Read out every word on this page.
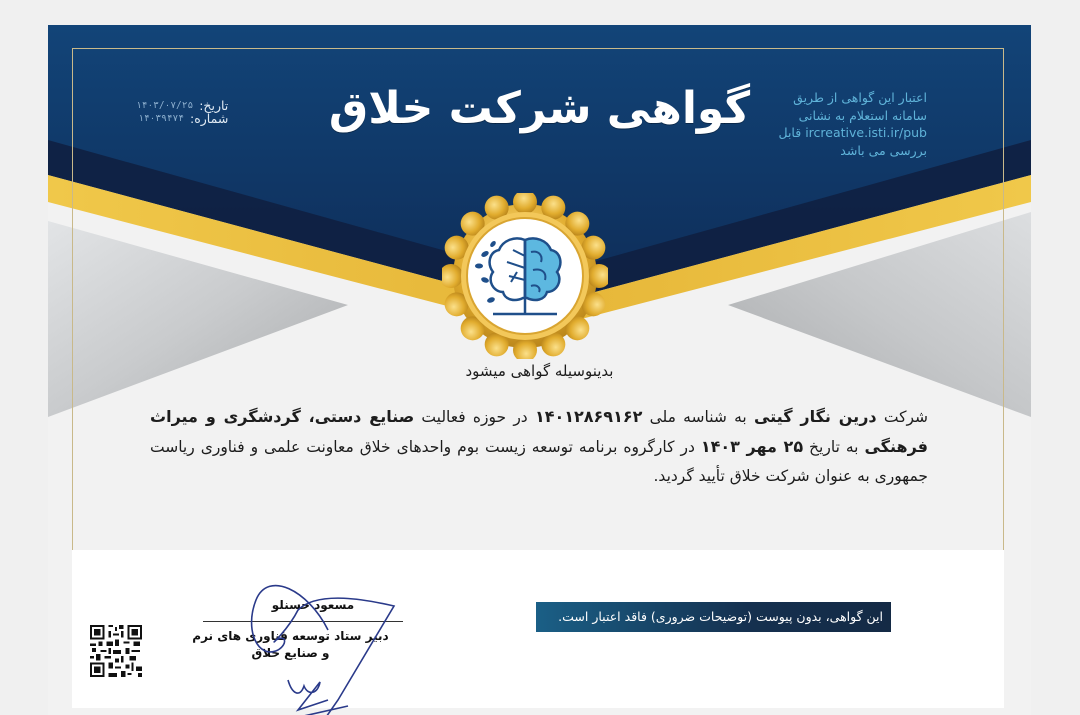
گواهی شرکت خلاق	اعتبار این گواهی از طریق
سامانه استعلام به نشانی
ircreative.isti.ir/pub قابل
بررسی می باشد
تاریخ:
۱۴۰۳/۰۷/۲۵
شماره:
۱۴۰۳۹۴۷۴
بدینوسیله گواهی میشود
شرکت درین نگار گیتی به شناسه ملی ۱۴۰۱۲۸۶۹۱۶۲ در حوزه فعالیت صنایع دستی، گردشگری و میراث فرهنگی به تاریخ ۲۵ مهر ۱۴۰۳ در کارگروه برنامه توسعه زیست بوم واحدهای خلاق معاونت علمی و فناوری ریاست جمهوری به عنوان شرکت خلاق تأیید گردید.
این گواهی، بدون پیوست (توضیحات ضروری) فاقد اعتبار است.
مسعود حسنلو
دبیر ستاد توسعه فناوری های نرم
و صنایع خلاق
